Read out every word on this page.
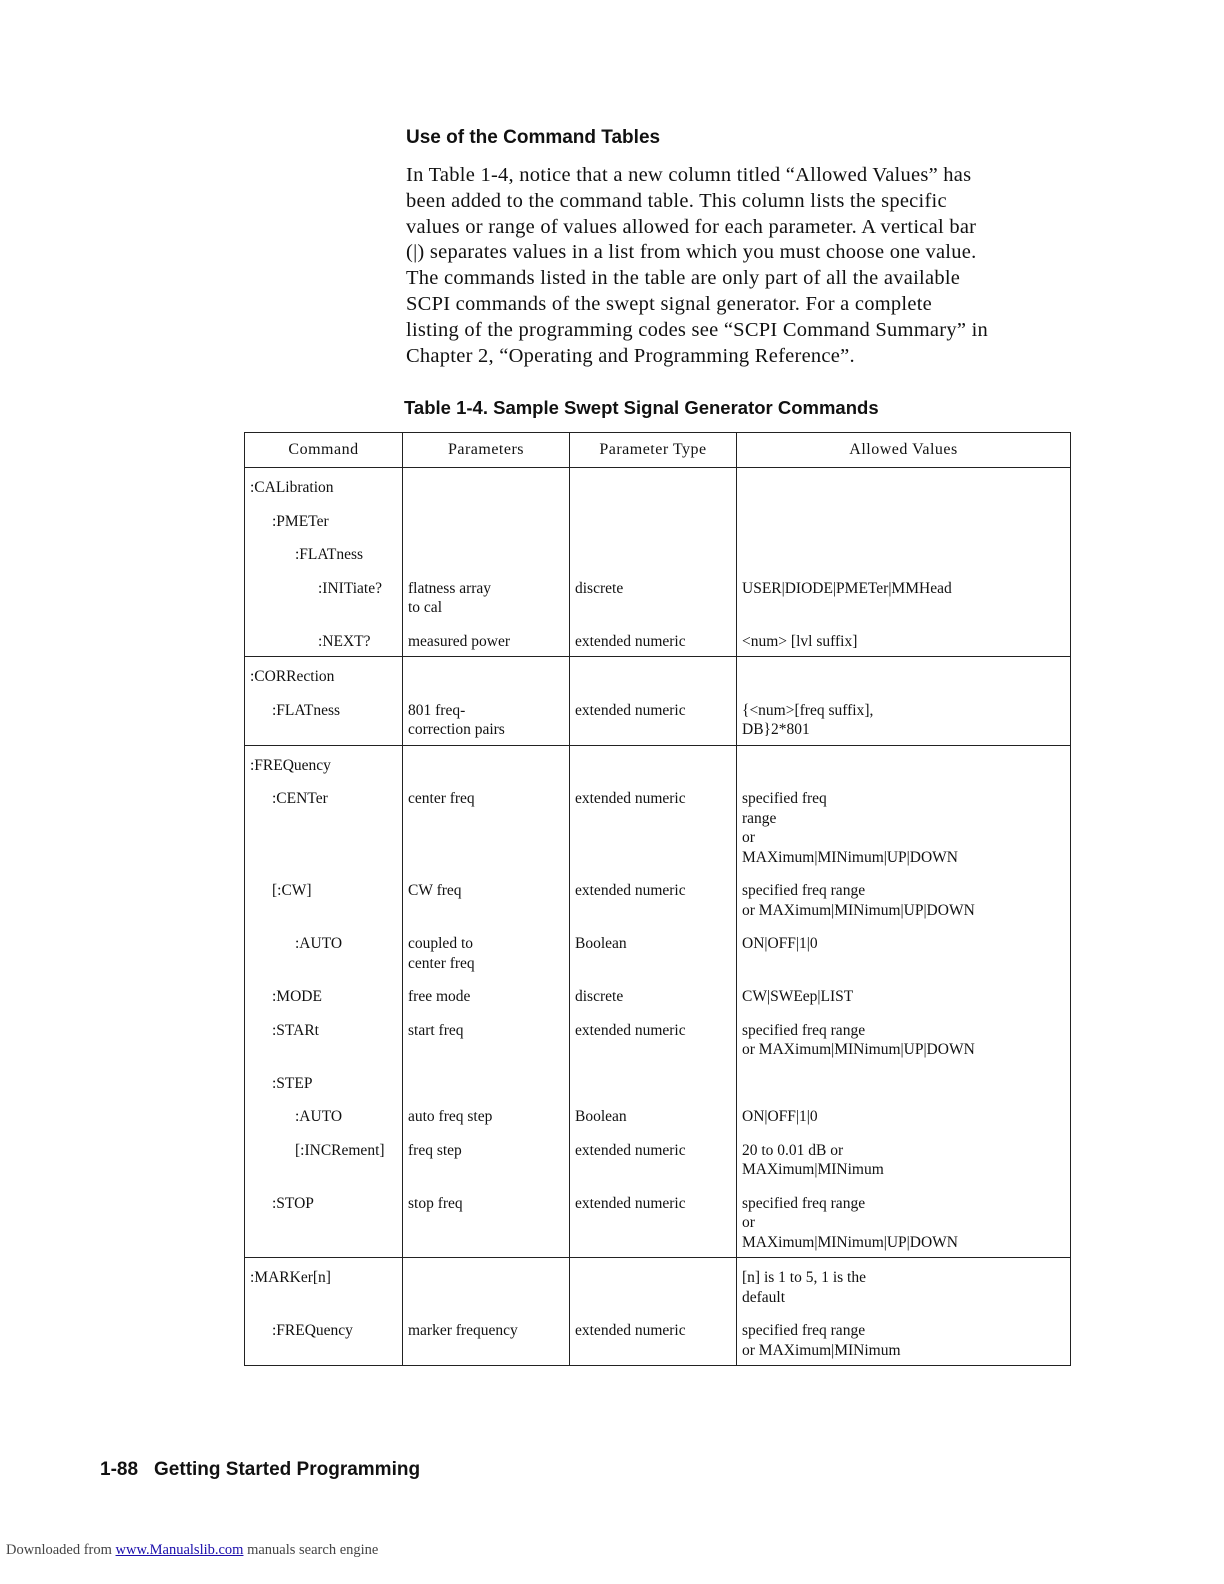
Use of the Command Tables

In Table 1-4, notice that a new column titled “Allowed Values” has
been added to the command table. This column lists the specific
values or range of values allowed for each parameter. A vertical bar
(|) separates values in a list from which you must choose one value.
The commands listed in the table are only part of all the available
SCPI commands of the swept signal generator. For a complete
listing of the programming codes see “SCPI Command Summary” in
Chapter 2, “Operating and Programming Reference”.

Table 1-4. Sample Swept Signal Generator Commands
Command	Parameters	Parameter Type	Allowed Values

:CALibration			

:PMETer			

:FLATness			

:INITiate?	flatness array
to cal	discrete	USER|DIODE|PMETer|MMHead

:NEXT?	measured power	extended numeric	<num> [lvl suffix]

:CORRection			

:FLATness	801 freq-
correction pairs	extended numeric	{<num>[freq suffix],
DB}2*801

:FREQuency			

:CENTer	center freq	extended numeric	specified freq
range
or
MAXimum|MINimum|UP|DOWN

[:CW]	CW freq	extended numeric	specified freq range
or MAXimum|MINimum|UP|DOWN

:AUTO	coupled to
center freq	Boolean	ON|OFF|1|0

:MODE	free mode	discrete	CW|SWEep|LIST

:STARt	start freq	extended numeric	specified freq range
or MAXimum|MINimum|UP|DOWN

:STEP			

:AUTO	auto freq step	Boolean	ON|OFF|1|0

[:INCRement]	freq step	extended numeric	20 to 0.01 dB or
MAXimum|MINimum

:STOP	stop freq	extended numeric	specified freq range
or
MAXimum|MINimum|UP|DOWN

:MARKer[n]			[n] is 1 to 5, 1 is the
default

:FREQuency	marker frequency	extended numeric	specified freq range
or MAXimum|MINimum
1-88 Getting Started Programming
Downloaded from www.Manualslib.com manuals search engine
